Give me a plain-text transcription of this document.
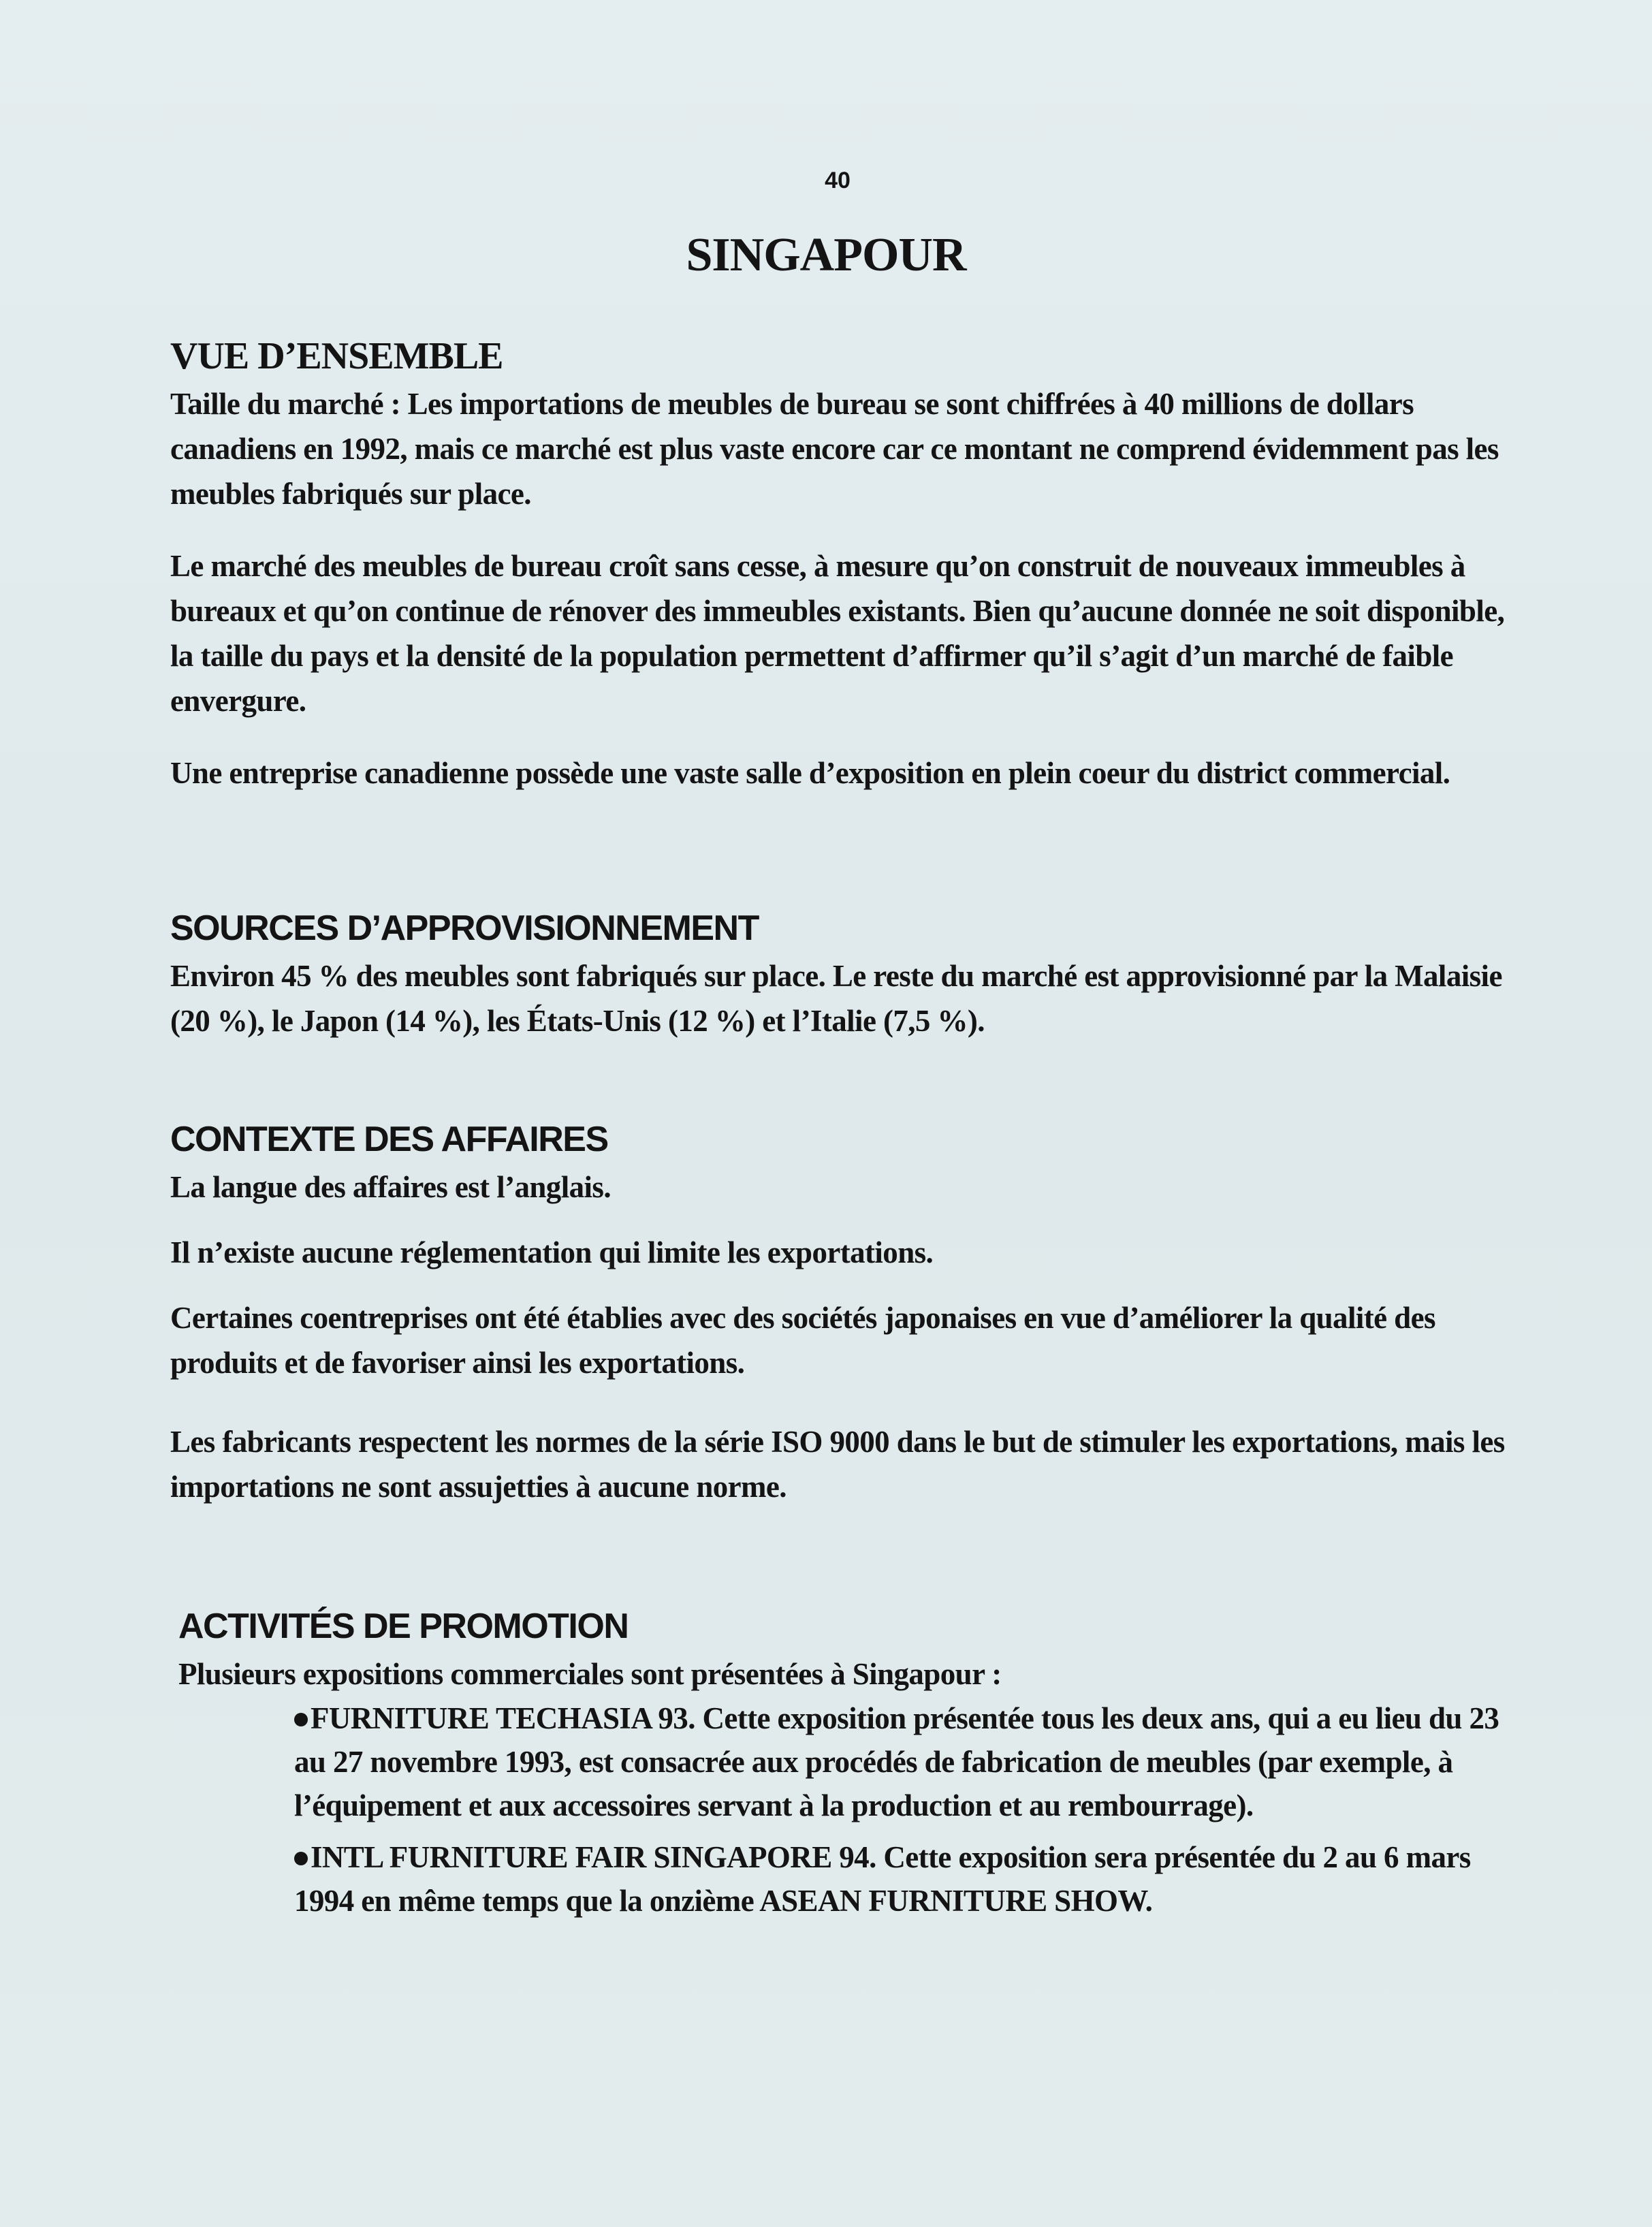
40
SINGAPOUR
VUE D’ENSEMBLE

Taille du marché : Les importations de meubles de bureau se sont chiffrées à 40 millions de dollars canadiens en 1992, mais ce marché est plus vaste encore car ce montant ne comprend évidemment pas les meubles fabriqués sur place.

Le marché des meubles de bureau croît sans cesse, à mesure qu’on construit de nouveaux immeubles à bureaux et qu’on continue de rénover des immeubles existants. Bien qu’aucune donnée ne soit disponible, la taille du pays et la densité de la population permettent d’affirmer qu’il s’agit d’un marché de faible envergure.

Une entreprise canadienne possède une vaste salle d’exposition en plein coeur du district commercial.

SOURCES D’APPROVISIONNEMENT

Environ 45 % des meubles sont fabriqués sur place. Le reste du marché est approvisionné par la Malaisie (20 %), le Japon (14 %), les États-Unis (12 %) et l’Italie (7,5 %).

CONTEXTE DES AFFAIRES

La langue des affaires est l’anglais.

Il n’existe aucune réglementation qui limite les exportations.

Certaines coentreprises ont été établies avec des sociétés japonaises en vue d’améliorer la qualité des produits et de favoriser ainsi les exportations.

Les fabricants respectent les normes de la série ISO 9000 dans le but de stimuler les exportations, mais les importations ne sont assujetties à aucune norme.

ACTIVITÉS DE PROMOTION

Plusieurs expositions commerciales sont présentées à Singapour :

FURNITURE TECHASIA 93. Cette exposition présentée tous les deux ans, qui a eu lieu du 23 au 27 novembre 1993, est consacrée aux procédés de fabrication de meubles (par exemple, à l’équipement et aux accessoires servant à la production et au rembourrage).

INTL FURNITURE FAIR SINGAPORE 94. Cette exposition sera présentée du 2 au 6 mars 1994 en même temps que la onzième ASEAN FURNITURE SHOW.
